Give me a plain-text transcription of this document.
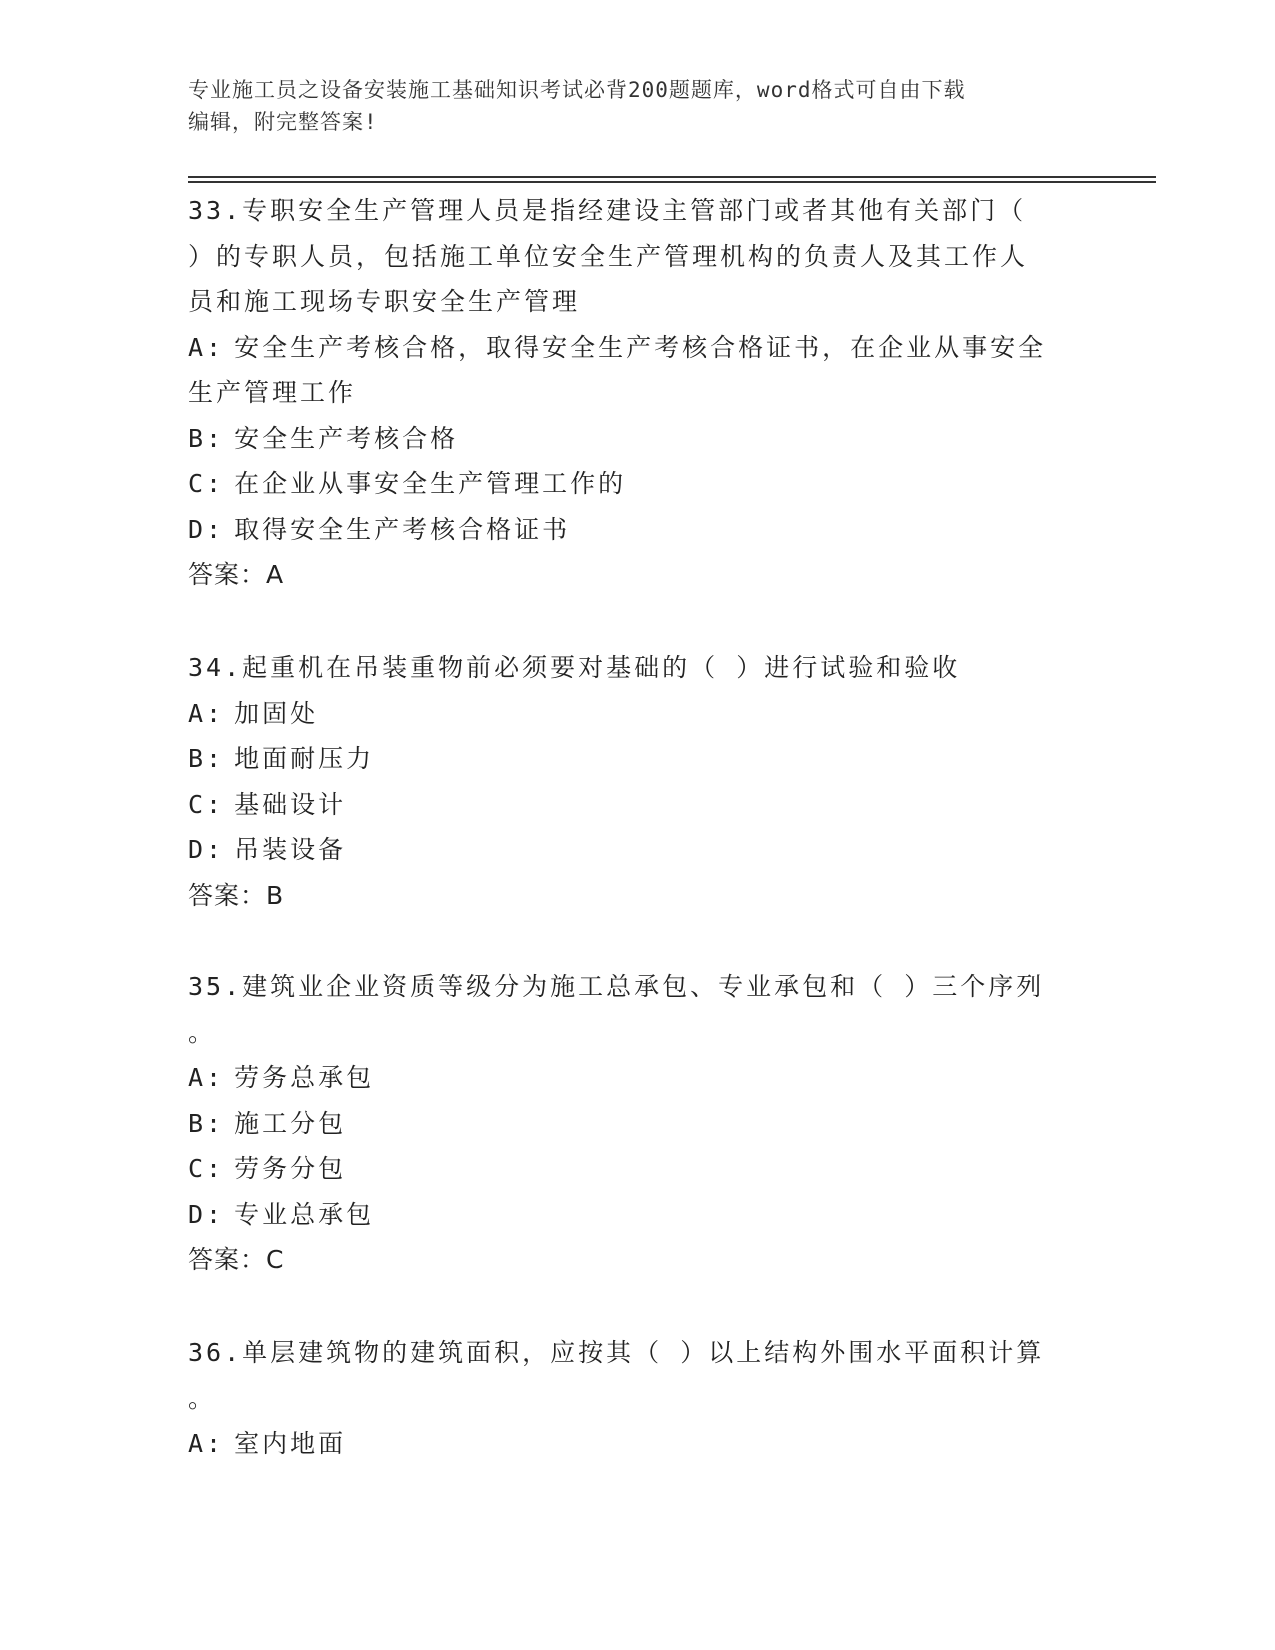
专业施工员之设备安装施工基础知识考试必背200题题库，word格式可自由下载
编辑，附完整答案!
33.专职安全生产管理人员是指经建设主管部门或者其他有关部门（
）的专职人员，包括施工单位安全生产管理机构的负责人及其工作人
员和施工现场专职安全生产管理
A: 安全生产考核合格，取得安全生产考核合格证书，在企业从事安全
生产管理工作
B: 安全生产考核合格
C: 在企业从事安全生产管理工作的
D: 取得安全生产考核合格证书
答案：A
34.起重机在吊装重物前必须要对基础的（ ）进行试验和验收
A: 加固处
B: 地面耐压力
C: 基础设计
D: 吊装设备
答案：B
35.建筑业企业资质等级分为施工总承包、专业承包和（ ）三个序列
。
A: 劳务总承包
B: 施工分包
C: 劳务分包
D: 专业总承包
答案：C
36.单层建筑物的建筑面积，应按其（ ）以上结构外围水平面积计算
。
A: 室内地面
